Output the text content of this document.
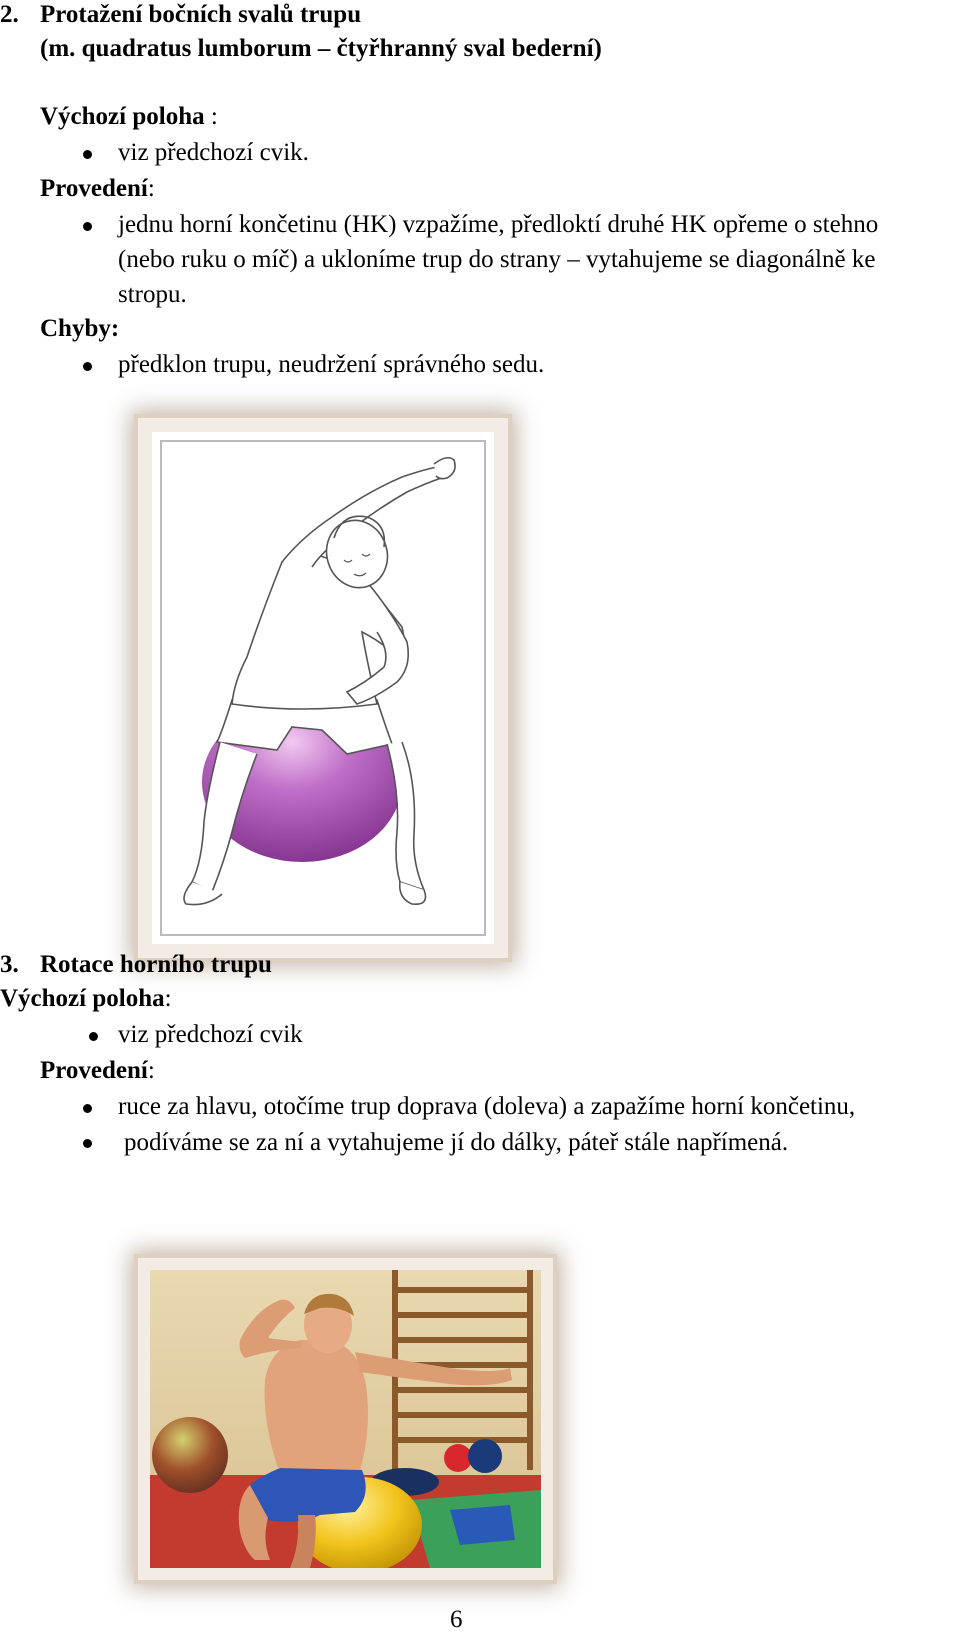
2. Protažení bočních svalů trupu
(m. quadratus lumborum – čtyřhranný sval bederní)
Výchozí poloha :
viz předchozí cvik.
Provedení:
jednu horní končetinu (HK) vzpažíme, předloktí druhé HK opřeme o stehno
(nebo ruku o míč) a ukloníme trup do strany – vytahujeme se diagonálně ke
stropu.
Chyby:
předklon trupu, neudržení správného sedu.
3. Rotace horního trupu
Výchozí poloha:
viz předchozí cvik
Provedení:
ruce za hlavu, otočíme trup doprava (doleva) a zapažíme horní končetinu,
podíváme se za ní a vytahujeme jí do dálky, páteř stále napřímená.
6
